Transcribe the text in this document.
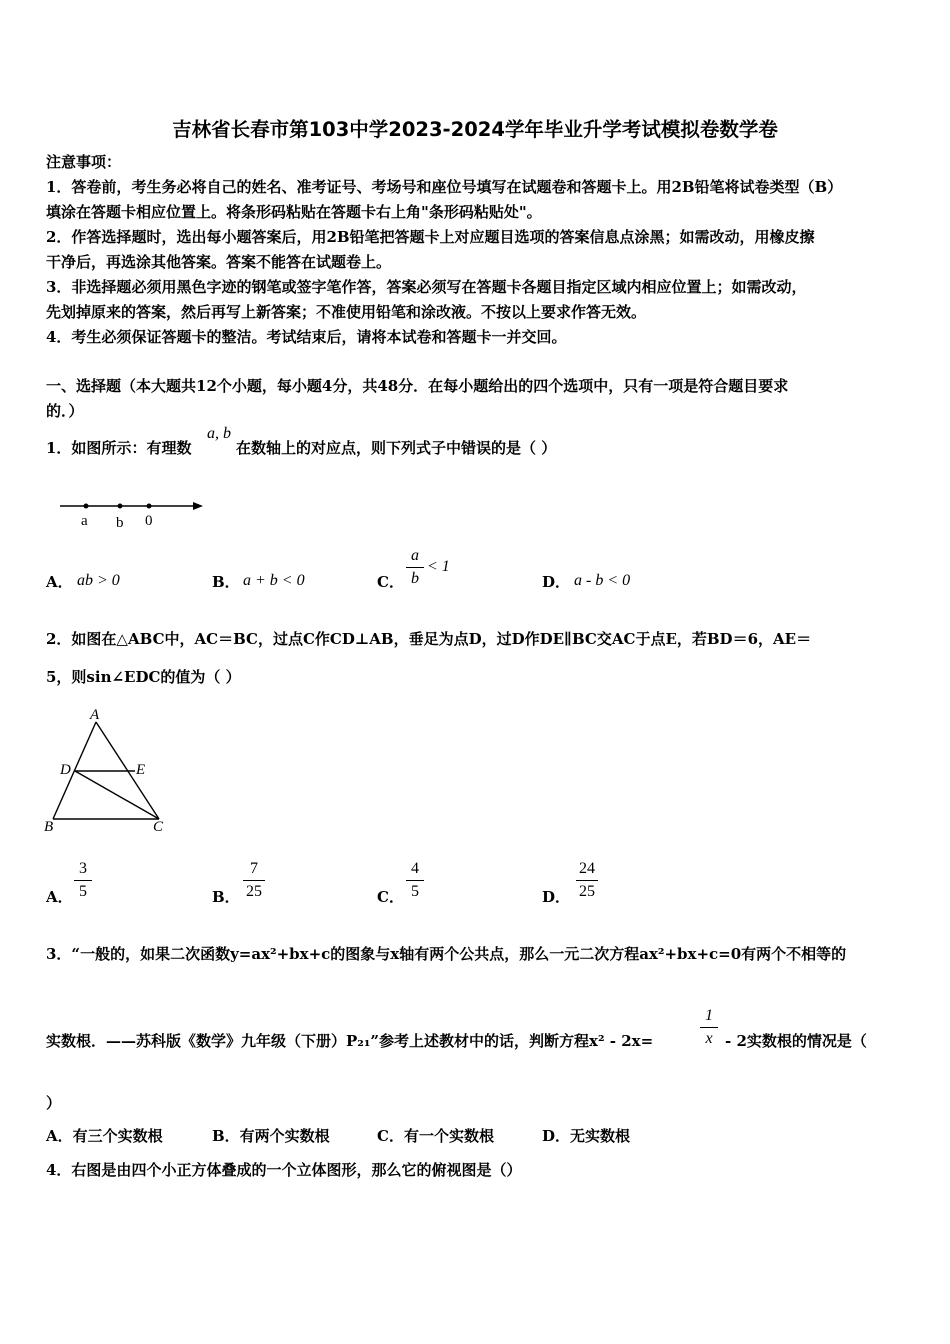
吉林省长春市第103中学2023-2024学年毕业升学考试模拟卷数学卷
注意事项：
1．答卷前，考生务必将自己的姓名、准考证号、考场号和座位号填写在试题卷和答题卡上。用2B铅笔将试卷类型（B）
填涂在答题卡相应位置上。将条形码粘贴在答题卡右上角"条形码粘贴处"。
2．作答选择题时，选出每小题答案后，用2B铅笔把答题卡上对应题目选项的答案信息点涂黑；如需改动，用橡皮擦
干净后，再选涂其他答案。答案不能答在试题卷上。
3．非选择题必须用黑色字迹的钢笔或签字笔作答，答案必须写在答题卡各题目指定区域内相应位置上；如需改动，
先划掉原来的答案，然后再写上新答案；不准使用铅笔和涂改液。不按以上要求作答无效。
4．考生必须保证答题卡的整洁。考试结束后，请将本试卷和答题卡一并交回。
一、选择题（本大题共12个小题，每小题4分，共48分．在每小题给出的四个选项中，只有一项是符合题目要求
的．）
1．如图所示：有理数
a, b
在数轴上的对应点，则下列式子中错误的是（ ）
a b 0
A． ab > 0	B． a + b < 0	C．
a
b
< 1
D． a - b < 0
2．如图在△ABC中，AC＝BC，过点C作CD⊥AB，垂足为点D，过D作DE∥BC交AC于点E，若BD＝6，AE＝
5，则sin∠EDC的值为（ ）
A
D	E
B	C
A．
3
5	B．
7
25	C．
4
5	D．
24
25
3．“一般的，如果二次函数y=ax²+bx+c的图象与x轴有两个公共点，那么一元二次方程ax²+bx+c=0有两个不相等的
实数根．——苏科版《数学》九年级（下册）P₂₁”参考上述教材中的话，判断方程x² - 2x=
1
x - 2实数根的情况是（
）
A．有三个实数根	B．有两个实数根	C．有一个实数根	D．无实数根
4．右图是由四个小正方体叠成的一个立体图形，那么它的俯视图是（）
